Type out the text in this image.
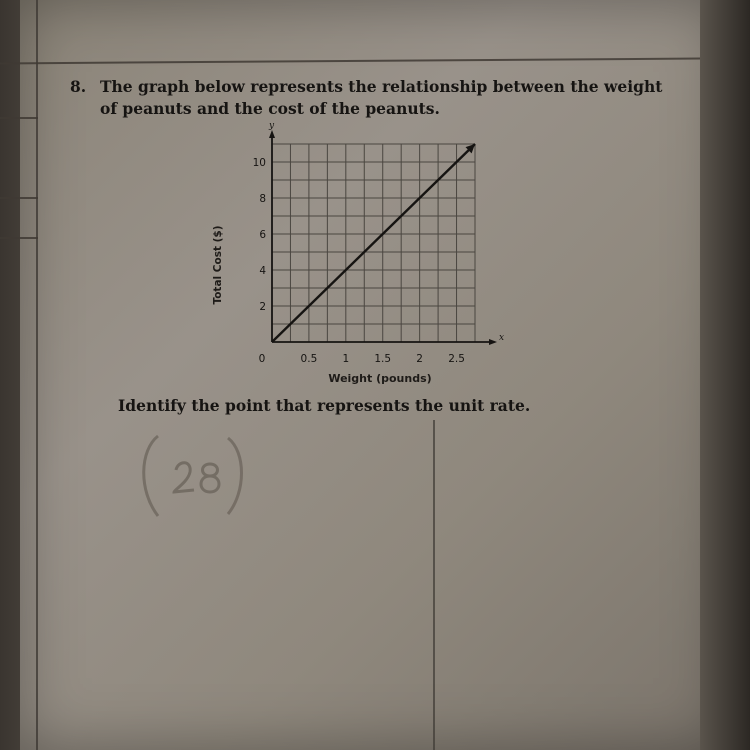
8. The graph below represents the relationship between the weight of peanuts and the cost of the peanuts.
x
y
0.5 1 1.5 2 2.5
2
4
6
8
10
0
Total Cost ($)
Weight (pounds)
Identify the point that represents the unit rate.
